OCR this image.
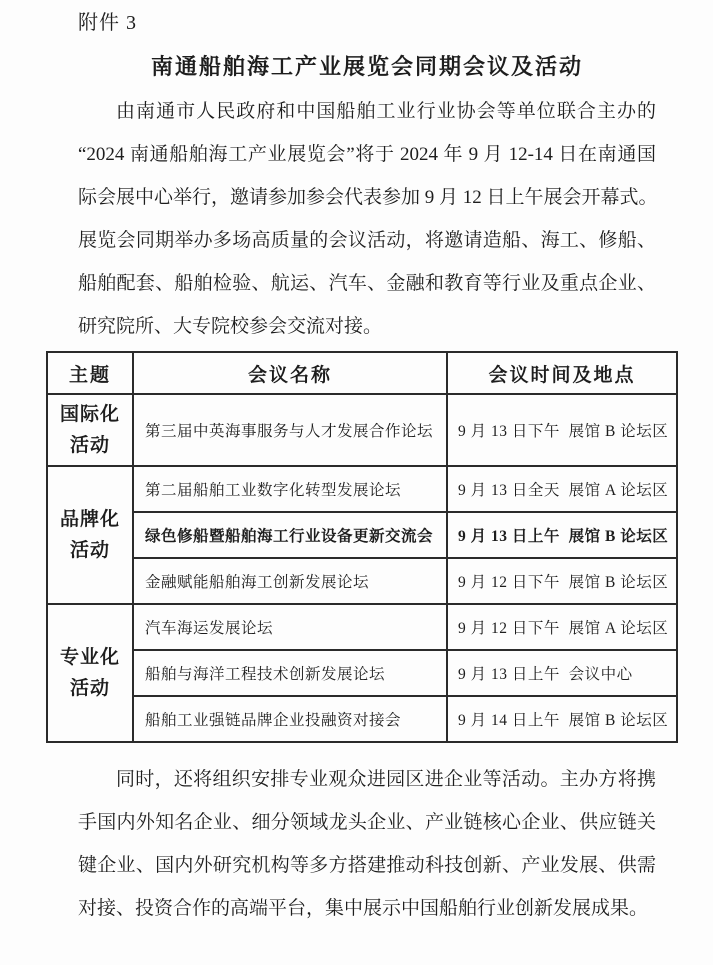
附件 3
南通船舶海工产业展览会同期会议及活动
由南通市人民政府和中国船舶工业行业协会等单位联合主办的
“2024 南通船舶海工产业展览会”将于 2024 年 9 月 12-14 日在南通国
际会展中心举行，邀请参加参会代表参加 9 月 12 日上午展会开幕式。
展览会同期举办多场高质量的会议活动，将邀请造船、海工、修船、
船舶配套、船舶检验、航运、汽车、金融和教育等行业及重点企业、
研究院所、大专院校参会交流对接。
主题	会议名称	会议时间及地点

国际化
活动	第三届中英海事服务与人才发展合作论坛	9 月 13 日下午  展馆 B 论坛区

品牌化
活动	第二届船舶工业数字化转型发展论坛	9 月 13 日全天  展馆 A 论坛区
	绿色修船暨船舶海工行业设备更新交流会	9 月 13 日上午  展馆 B 论坛区
	金融赋能船舶海工创新发展论坛	9 月 12 日下午  展馆 B 论坛区

专业化
活动	汽车海运发展论坛	9 月 12 日下午  展馆 A 论坛区
	船舶与海洋工程技术创新发展论坛	9 月 13 日上午  会议中心
	船舶工业强链品牌企业投融资对接会	9 月 14 日上午  展馆 B 论坛区
同时，还将组织安排专业观众进园区进企业等活动。主办方将携
手国内外知名企业、细分领域龙头企业、产业链核心企业、供应链关
键企业、国内外研究机构等多方搭建推动科技创新、产业发展、供需
对接、投资合作的高端平台，集中展示中国船舶行业创新发展成果。
